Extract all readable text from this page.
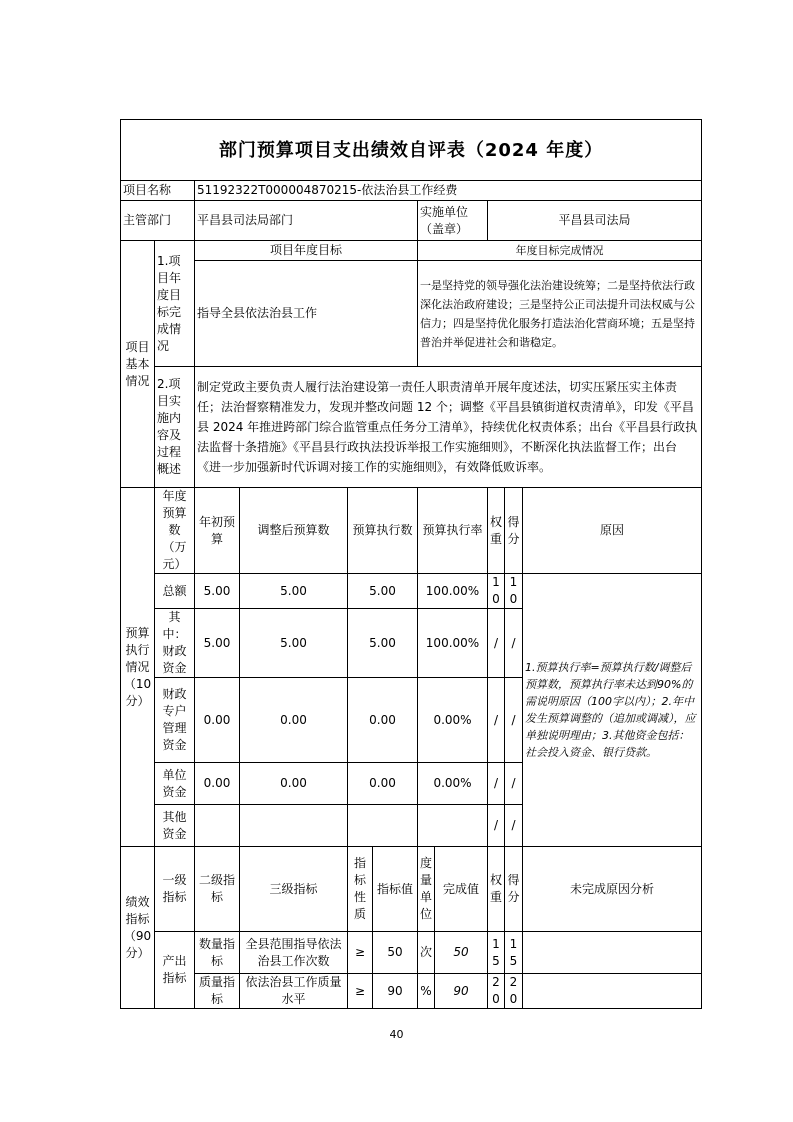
部门预算项目支出绩效自评表（2024 年度）										
项目名称		51192322T000004870215-依法治县工作经费								
主管部门		平昌县司法局部门				实施单位（盖章）		平昌县司法局		
项目基本情况	1.项目年度目标完成情况	项目年度目标				年度目标完成情况				
		指导全县依法治县工作				一是坚持党的领导强化法治建设统筹；二是坚持依法行政深化法治政府建设；三是坚持公正司法提升司法权威与公信力；四是坚持优化服务打造法治化营商环境；五是坚持普治并举促进社会和谐稳定。				
	2.项目实施内容及过程概述	制定党政主要负责人履行法治建设第一责任人职责清单开展年度述法，切实压紧压实主体责任；法治督察精准发力，发现并整改问题 12 个；调整《平昌县镇街道权责清单》，印发《平昌县 2024 年推进跨部门综合监管重点任务分工清单》，持续优化权责体系；出台《平昌县行政执法监督十条措施》《平昌县行政执法投诉举报工作实施细则》，不断深化执法监督工作；出台《进一步加强新时代诉调对接工作的实施细则》，有效降低败诉率。								
预算执行情况（10分）	年度预算数（万元）	年初预算	调整后预算数	预算执行数		预算执行率		权重	得分	原因
	总额	5.00	5.00	5.00		100.00%		10	10	1.预算执行率=预算执行数/调整后预算数，预算执行率未达到90%的需说明原因（100字以内）；2.年中发生预算调整的（追加或调减），应单独说明理由；3.其他资金包括：社会投入资金、银行贷款。
	其中：财政资金	5.00	5.00	5.00		100.00%		/	/	
	财政专户管理资金	0.00	0.00	0.00		0.00%		/	/	
	单位资金	0.00	0.00	0.00		0.00%		/	/	
	其他资金							/	/	
绩效指标（90分）	一级指标	二级指标	三级指标	指标性质	指标值	度量单位	完成值	权重	得分	未完成原因分析
	产出指标	数量指标	全县范围指导依法治县工作次数	≥	50	次	50	15	15	
		质量指标	依法治县工作质量水平	≥	90	%	90	20	20	
40
